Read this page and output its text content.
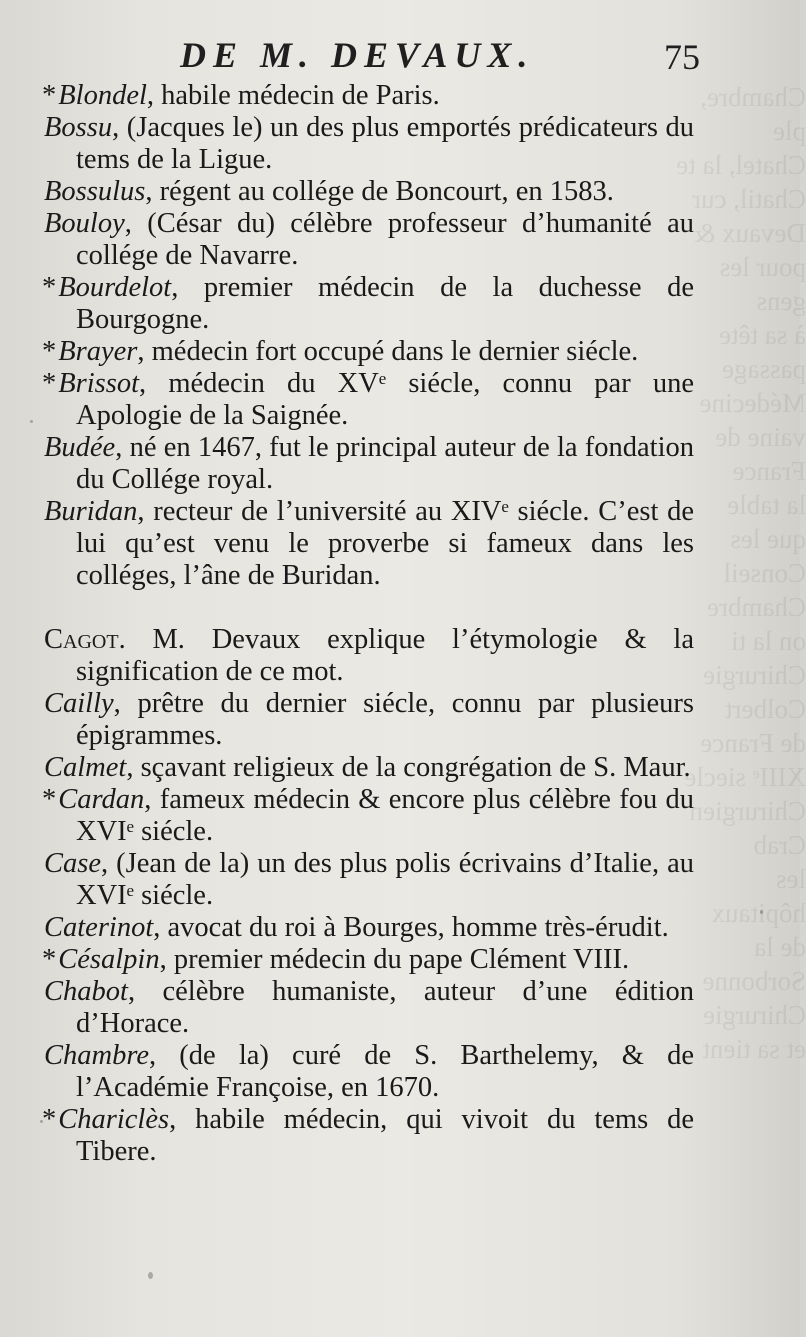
Chambre, ple
Chatel, la te
Chatil, cur
Devaux &
pour les gens
à sa tête
passage
Médecine
vaine de France
la table
que les
Conseil
Chambre
on la ti
Chirurgie
Colbert
de France
XIIIᵉ siecle
Chirurgien
Crab
les hôpitaux
de la Sorbonne
Chirurgie
et sa tient
DE M. DEVAUX.	75

*Blondel, habile médecin de Paris.

Bossu, (Jacques le) un des plus emportés prédicateurs du tems de la Ligue.

Bossulus, régent au collége de Boncourt, en 1583.

Bouloy, (César du) célèbre professeur d’humanité au collége de Navarre.

*Bourdelot, premier médecin de la duchesse de Bourgogne.

*Brayer, médecin fort occupé dans le dernier siécle.

*Brissot, médecin du XVᵉ siécle, connu par une Apologie de la Saignée.

Budée, né en 1467, fut le principal auteur de la fondation du Collége royal.

Buridan, recteur de l’université au XIVᵉ siécle. C’est de lui qu’est venu le proverbe si fameux dans les colléges, l’âne de Buridan.

Cagot. M. Devaux explique l’étymologie & la signification de ce mot.

Cailly, prêtre du dernier siécle, connu par plusieurs épigrammes.

Calmet, sçavant religieux de la congrégation de S. Maur.

*Cardan, fameux médecin & encore plus célèbre fou du XVIᵉ siécle.

Case, (Jean de la) un des plus polis écrivains d’Italie, au XVIᵉ siécle.

Caterinot, avocat du roi à Bourges, homme très-érudit.

*Césalpin, premier médecin du pape Clément VIII.

Chabot, célèbre humaniste, auteur d’une édition d’Horace.

Chambre, (de la) curé de S. Barthelemy, & de l’Académie Françoise, en 1670.

*Chariclès, habile médecin, qui vivoit du tems de Tibere.
